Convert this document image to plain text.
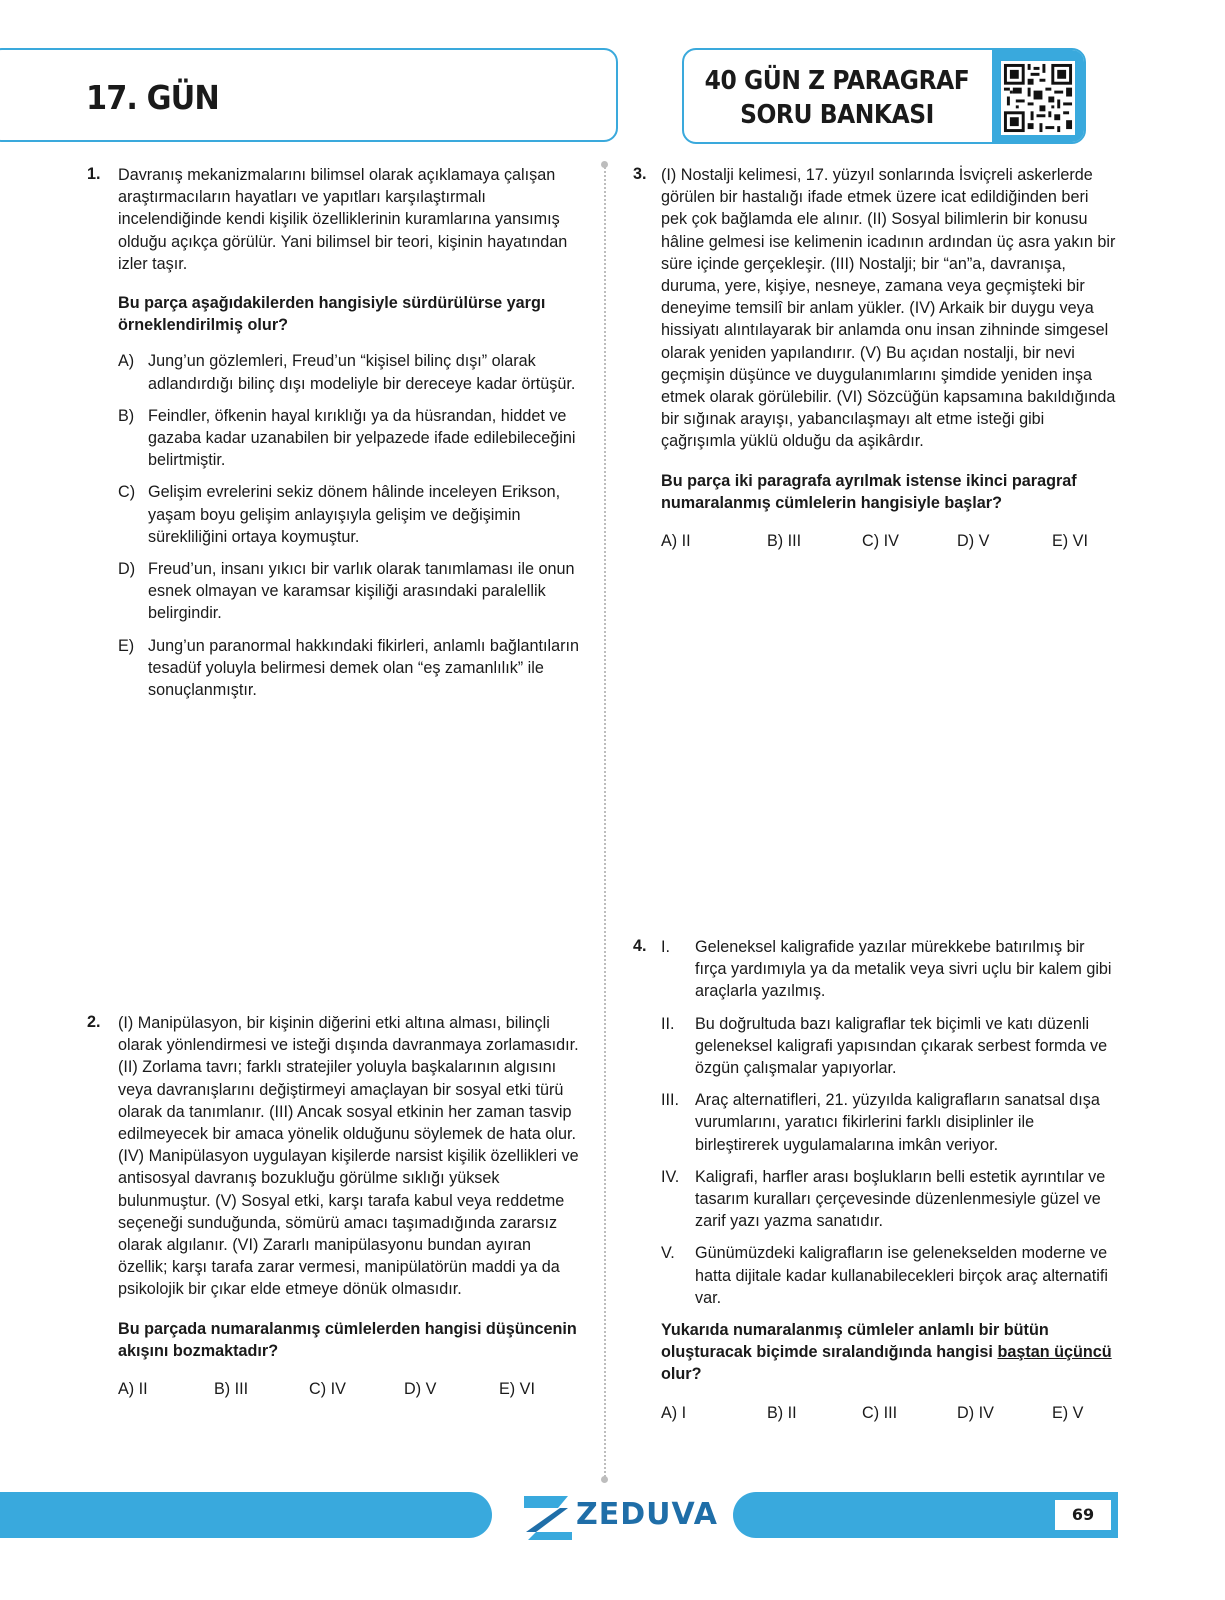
17. GÜN	40 GÜN Z PARAGRAF
SORU BANKASI
1. Davranış mekanizmalarını bilimsel olarak açıklamaya çalışan araştırmacıların hayatları ve yapıtları karşılaştırmalı incelendiğinde kendi kişilik özelliklerinin kuramlarına yansımış olduğu açıkça görülür. Yani bilimsel bir teori, kişinin hayatından izler taşır.
Bu parça aşağıdakilerden hangisiyle sürdürülürse yargı örneklendirilmiş olur?
A) Jung’un gözlemleri, Freud’un “kişisel bilinç dışı” olarak adlandırdığı bilinç dışı modeliyle bir dereceye kadar örtüşür.
B) Feindler, öfkenin hayal kırıklığı ya da hüsrandan, hiddet ve gazaba kadar uzanabilen bir yelpazede ifade edilebileceğini belirtmiştir.
C) Gelişim evrelerini sekiz dönem hâlinde inceleyen Erikson, yaşam boyu gelişim anlayışıyla gelişim ve değişimin sürekliliğini ortaya koymuştur.
D) Freud’un, insanı yıkıcı bir varlık olarak tanımlaması ile onun esnek olmayan ve karamsar kişiliği arasındaki paralellik belirgindir.
E) Jung’un paranormal hakkındaki fikirleri, anlamlı bağlantıların tesadüf yoluyla belirmesi demek olan “eş zamanlılık” ile sonuçlanmıştır.
2. (I) Manipülasyon, bir kişinin diğerini etki altına alması, bilinçli olarak yönlendirmesi ve isteği dışında davranmaya zorlamasıdır. (II) Zorlama tavrı; farklı stratejiler yoluyla başkalarının algısını veya davranışlarını değiştirmeyi amaçlayan bir sosyal etki türü olarak da tanımlanır. (III) Ancak sosyal etkinin her zaman tasvip edilmeyecek bir amaca yönelik olduğunu söylemek de hata olur. (IV) Manipülasyon uygulayan kişilerde narsist kişilik özellikleri ve antisosyal davranış bozukluğu görülme sıklığı yüksek bulunmuştur. (V) Sosyal etki, karşı tarafa kabul veya reddetme seçeneği sunduğunda, sömürü amacı taşımadığında zararsız olarak algılanır. (VI) Zararlı manipülasyonu bundan ayıran özellik; karşı tarafa zarar vermesi, manipülatörün maddi ya da psikolojik bir çıkar elde etmeye dönük olmasıdır.
Bu parçada numaralanmış cümlelerden hangisi düşüncenin akışını bozmaktadır?
A) II	B) III	C) IV	D) V	E) VI
3. (I) Nostalji kelimesi, 17. yüzyıl sonlarında İsviçreli askerlerde görülen bir hastalığı ifade etmek üzere icat edildiğinden beri pek çok bağlamda ele alınır. (II) Sosyal bilimlerin bir konusu hâline gelmesi ise kelimenin icadının ardından üç asra yakın bir süre içinde gerçekleşir. (III) Nostalji; bir “an”a, davranışa, duruma, yere, kişiye, nesneye, zamana veya geçmişteki bir deneyime temsilî bir anlam yükler. (IV) Arkaik bir duygu veya hissiyatı alıntılayarak bir anlamda onu insan zihninde simgesel olarak yeniden yapılandırır. (V) Bu açıdan nostalji, bir nevi geçmişin düşünce ve duygulanımlarını şimdide yeniden inşa etmek olarak görülebilir. (VI) Sözcüğün kapsamına bakıldığında bir sığınak arayışı, yabancılaşmayı alt etme isteği gibi çağrışımla yüklü olduğu da aşikârdır.
Bu parça iki paragrafa ayrılmak istense ikinci paragraf numaralanmış cümlelerin hangisiyle başlar?
A) II	B) III	C) IV	D) V	E) VI
4. I. Geleneksel kaligrafide yazılar mürekkebe batırılmış bir fırça yardımıyla ya da metalik veya sivri uçlu bir kalem gibi araçlarla yazılmış.
II. Bu doğrultuda bazı kaligraflar tek biçimli ve katı düzenli geleneksel kaligrafi yapısından çıkarak serbest formda ve özgün çalışmalar yapıyorlar.
III. Araç alternatifleri, 21. yüzyılda kaligrafların sanatsal dışa vurumlarını, yaratıcı fikirlerini farklı disiplinler ile birleştirerek uygulamalarına imkân veriyor.
IV. Kaligrafi, harfler arası boşlukların belli estetik ayrıntılar ve tasarım kuralları çerçevesinde düzenlenmesiyle güzel ve zarif yazı yazma sanatıdır.
V. Günümüzdeki kaligrafların ise gelenekselden moderne ve hatta dijitale kadar kullanabilecekleri birçok araç alternatifi var.
Yukarıda numaralanmış cümleler anlamlı bir bütün oluşturacak biçimde sıralandığında hangisi baştan üçüncü olur?
A) I	B) II	C) III	D) IV	E) V
ZEDUVA	69
